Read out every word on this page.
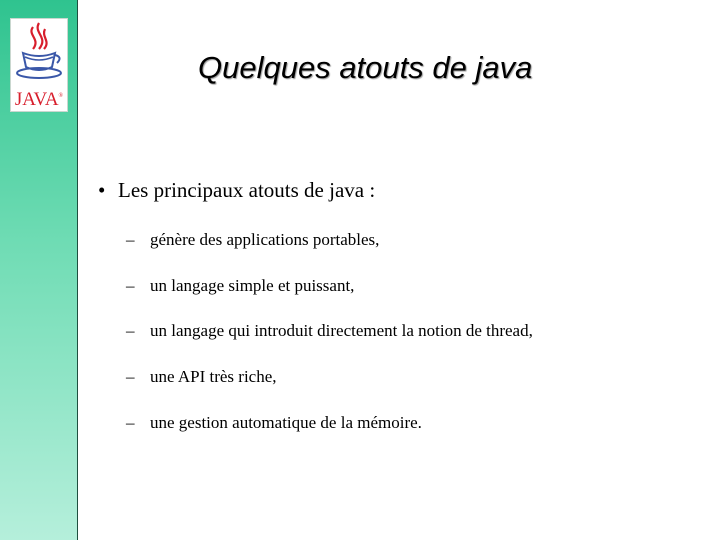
JAVA®
Quelques atouts de java

• Les principaux atouts de java :

– génère des applications portables,
– un langage simple et puissant,
– un langage qui introduit directement la notion de thread,
– une API très riche,
– une gestion automatique de la mémoire.
